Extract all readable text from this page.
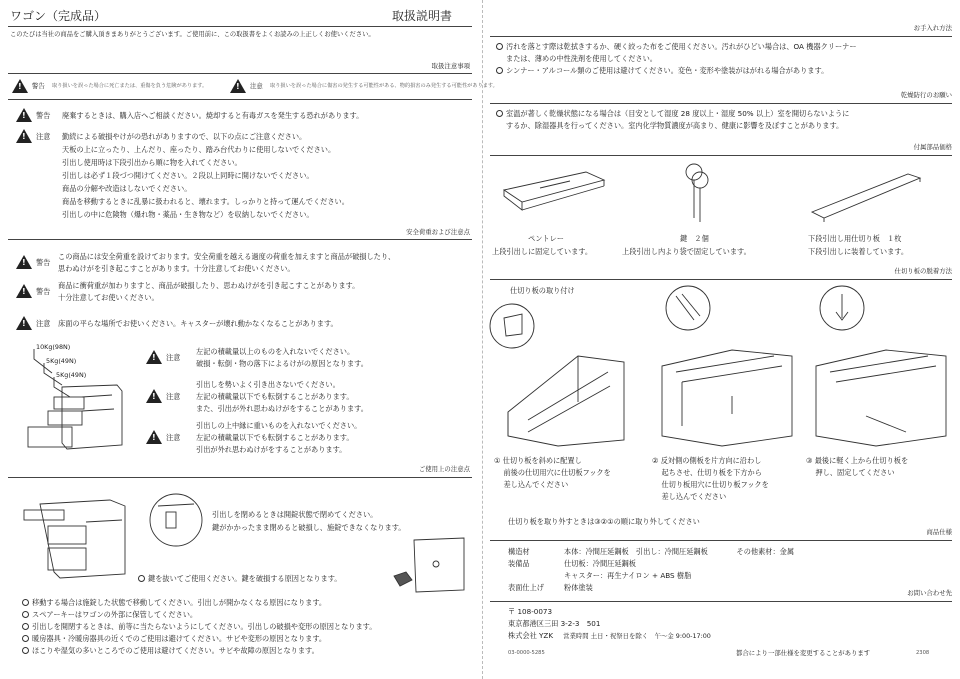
ワゴン（完成品）	取扱説明書
このたびは当社の商品をご購入頂きまありがとうございます。ご使用前に、この取扱書をよくお読みの上正しくお使いください。
取扱注意事項
!
警告 取り扱いを誤った場合に死亡または、重傷を負う危険があります。
!	注意 取り扱いを誤った場合に傷害の発生する可能性がある、物的損害のみ発生する可能性があります。
!
警告 廃棄するときは、購入店へご相談ください。焼却すると有毒ガスを発生する恐れがあります。
!
注意 勤続による破損やけがの恐れがありますので、以下の点にご注意ください。
天板の上に立ったり、上んだり、座ったり、踏み台代わりに使用しないでください。
引出し使用時は下段引出から順に物を入れてください。
引出しは必ず１段づつ開けてください。２段以上同時に開けないでください。
商品の分解や改造はしないでください。
商品を移動するときに乱暴に扱われると、壊れます。しっかりと持って運んでください。
引出しの中に危険物（爆れ物・薬品・生き物など）を収納しないでください。
安全荷重および注意点
!
警告
この商品には安全荷重を設けております。安全荷重を越える過度の荷重を加えますと商品が破損したり、
思わぬけがを引き起こすことがあります。十分注意してお使いください。
!
警告
商品に衝荷重が加わりますと、商品が破損したり、思わぬけがを引き起こすことがあります。
十分注意してお使いください。
!
注意 床面の平らな場所でお使いください。キャスターが壊れ動かなくなることがあります。
10Kg(98N)
5Kg(49N)
5Kg(49N)
!
注意
左記の積載量以上のものを入れないでください。
破損・転倒・物の落下によるけがの原因となります。
!
注意
引出しを勢いよく引き出さないでください。
左記の積載量以下でも転倒することがあります。
また、引出が外れ思わぬけがをすることがあります。
!
注意
引出しの上中縁に重いものを入れないでください。
左記の積載量以下でも転倒することがあります。
引出が外れ思わぬけがをすることがあります。
ご使用上の注意点
引出しを閉めるときは開錠状態で閉めてください。
鍵がかかったまま閉めると破損し、施錠できなくなります。
鍵を抜いてご使用ください。鍵を破損する原因となります。
移動する場合は施錠した状態で移動してください。引出しが開かなくなる原因になります。
スペアーキーはワゴンの外部に保管してください。
引出しを開閉するときは、前等に当たらないようにしてください。引出しの破損や変形の原因となります。
暖房器具・冷暖房器具の近くでのご使用は避けてください。サビや変形の原因となります。
ほこりや湿気の多いところでのご使用は避けてください。サビや故障の原因となります。
お手入れ方法
汚れを落とす際は乾拭きするか、硬く絞った布をご使用ください。汚れがひどい場合は、OA 機器クリーナー
または、薄めの中性洗剤を使用してください。
シンナー・アルコール類のご使用は避けてください。変色・変形や塗装がはがれる場合があります。
乾燥防行のお願い
室温が著しく乾燥状態になる場合は（目安として湿度 28 度以上・湿度 50% 以上）室を開切らないように
するか、除湿器具を行ってください。室内化学物質濃度が高まり、健康に影響を及ぼすことがあります。
付属部品価格
ペントレー	鍵　２個	下段引出し用仕切り板　１枚
上段引出しに固定しています。	上段引出し内より袋で固定しています。	下段引出しに装着しています。
仕切り板の脱着方法
仕切り板の取り付け
① 仕切り板を斜めに配置し
　 前後の仕切用穴に仕切板フックを
　 差し込んでください
② 反対側の側板を片方向に沿わし
　 起ちさせ、仕切り板を下方から
　 仕切り板用穴に仕切り板フックを
　 差し込んでください
③ 最後に軽く上から仕切り板を
　 押し、固定してください
仕切り板を取り外すときは③②①の順に取り外してください
商品仕様
構造材	本体：冷間圧延鋼板　引出し：冷間圧延鋼板　　　　その他素材：金属
装備品	仕切板：冷間圧延鋼板
キャスター：再生ナイロン + ABS 樹脂
表面仕上げ	粉体塗装
お問い合わせ先
〒 108-0073
東京都港区三田 3-2-3　501
株式会社 YZK 営業時間 土日・祝祭日を除く　午～金 9:00-17:00
03-0000-5285	都合により一部仕様を変更することがあります	2308
